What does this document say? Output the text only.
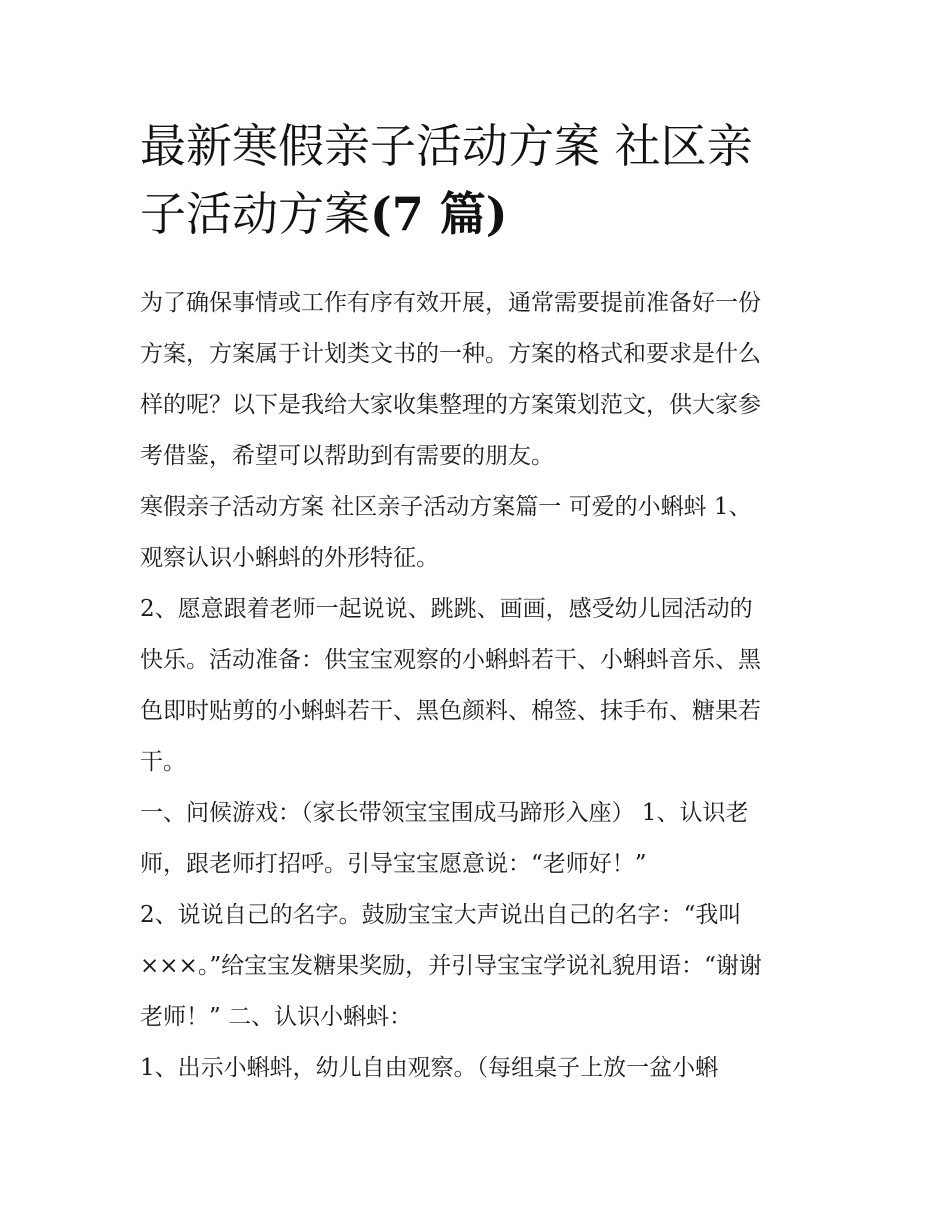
最新寒假亲子活动方案 社区亲
子活动方案(7 篇)
为了确保事情或工作有序有效开展，通常需要提前准备好一份
方案，方案属于计划类文书的一种。方案的格式和要求是什么
样的呢？以下是我给大家收集整理的方案策划范文，供大家参
考借鉴，希望可以帮助到有需要的朋友。
寒假亲子活动方案 社区亲子活动方案篇一 可爱的小蝌蚪 1、
观察认识小蝌蚪的外形特征。
2、愿意跟着老师一起说说、跳跳、画画，感受幼儿园活动的
快乐。活动准备：供宝宝观察的小蝌蚪若干、小蝌蚪音乐、黑
色即时贴剪的小蝌蚪若干、黑色颜料、棉签、抹手布、糖果若
干。
一、问候游戏：（家长带领宝宝围成马蹄形入座） 1、认识老
师，跟老师打招呼。引导宝宝愿意说：“老师好！”
2、说说自己的名字。鼓励宝宝大声说出自己的名字：“我叫
×××。”给宝宝发糖果奖励，并引导宝宝学说礼貌用语：“谢谢
老师！” 二、认识小蝌蚪：
1、出示小蝌蚪，幼儿自由观察。（每组桌子上放一盆小蝌
